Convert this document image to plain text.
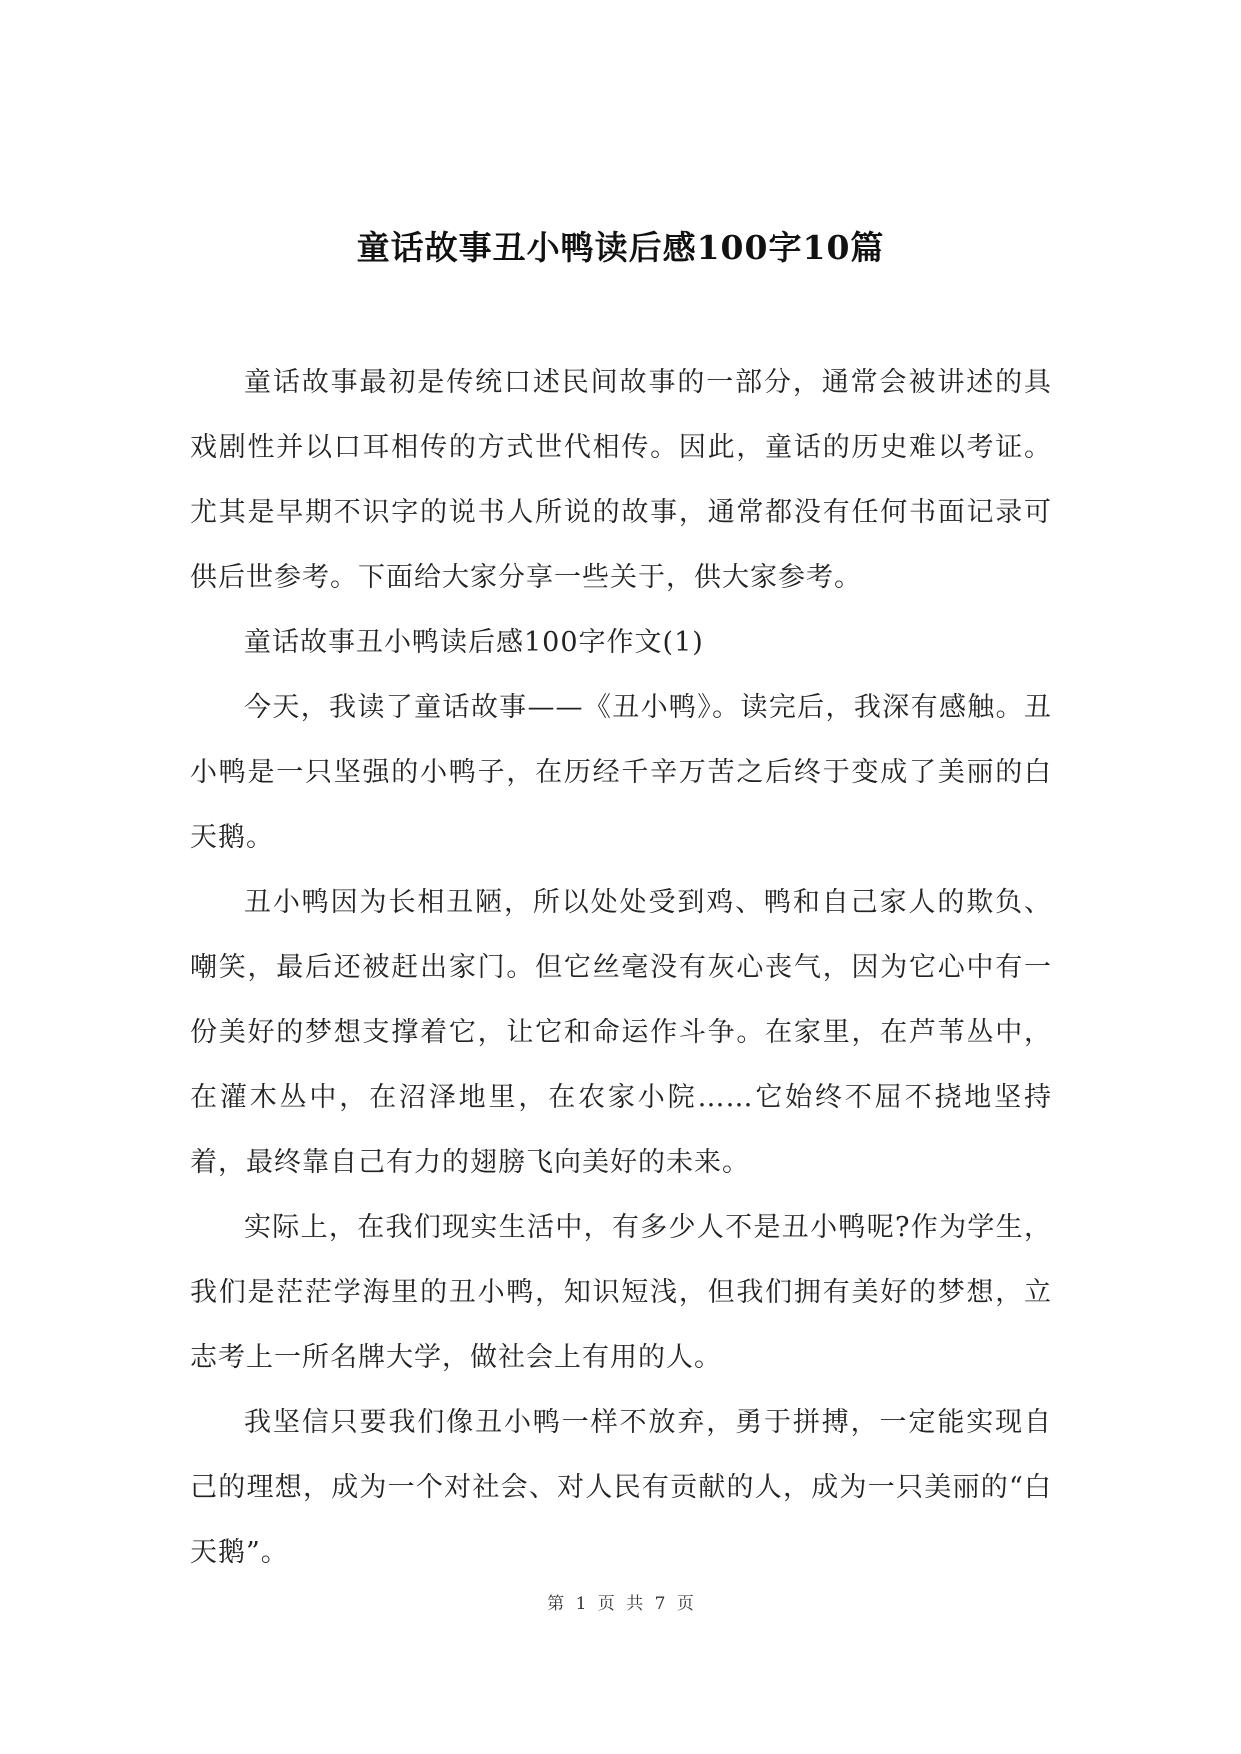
童话故事丑小鸭读后感100字10篇

童话故事最初是传统口述民间故事的一部分，通常会被讲述的具戏剧性并以口耳相传的方式世代相传。因此，童话的历史难以考证。尤其是早期不识字的说书人所说的故事，通常都没有任何书面记录可供后世参考。下面给大家分享一些关于，供大家参考。

童话故事丑小鸭读后感100字作文(1)

今天，我读了童话故事——《丑小鸭》。读完后，我深有感触。丑小鸭是一只坚强的小鸭子，在历经千辛万苦之后终于变成了美丽的白天鹅。

丑小鸭因为长相丑陋，所以处处受到鸡、鸭和自己家人的欺负、嘲笑，最后还被赶出家门。但它丝毫没有灰心丧气，因为它心中有一份美好的梦想支撑着它，让它和命运作斗争。在家里，在芦苇丛中，在灌木丛中，在沼泽地里，在农家小院……它始终不屈不挠地坚持着，最终靠自己有力的翅膀飞向美好的未来。

实际上，在我们现实生活中，有多少人不是丑小鸭呢?作为学生，我们是茫茫学海里的丑小鸭，知识短浅，但我们拥有美好的梦想，立志考上一所名牌大学，做社会上有用的人。

我坚信只要我们像丑小鸭一样不放弃，勇于拼搏，一定能实现自己的理想，成为一个对社会、对人民有贡献的人，成为一只美丽的“白天鹅”。

第 1 页 共 7 页
